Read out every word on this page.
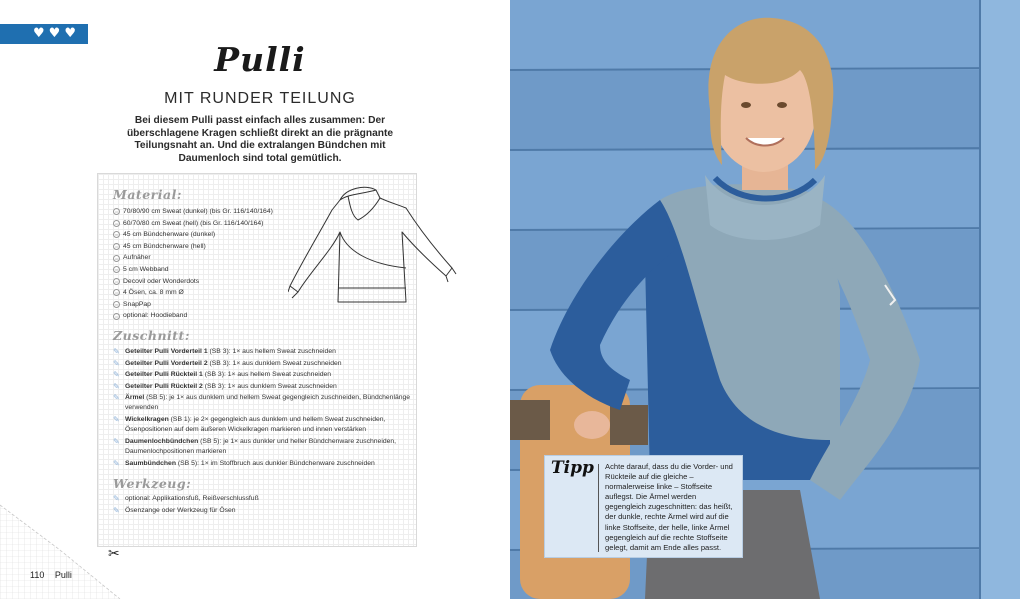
♥ ♥ ♥
Pulli
MIT RUNDER TEILUNG

Bei diesem Pulli passt einfach alles zusammen: Der überschlagene Kragen schließt direkt an die prägnante Teilungsnaht an. Und die extralangen Bündchen mit Daumenloch sind total gemütlich.

Material:
o 70/80/90 cm Sweat (dunkel) (bis Gr. 116/140/164)
o 60/70/80 cm Sweat (hell) (bis Gr. 116/140/164)
o 45 cm Bündchenware (dunkel)
o 45 cm Bündchenware (hell)
o Aufnäher
o 5 cm Webband
o Decovil oder Wonderdots
o 4 Ösen, ca. 8 mm Ø
o SnapPap
o optional: Hoodieband
Zuschnitt:
✎ Geteilter Pulli Vorderteil 1 (SB 3): 1× aus hellem Sweat zuschneiden
✎ Geteilter Pulli Vorderteil 2 (SB 3): 1× aus dunklem Sweat zuschneiden
✎ Geteilter Pulli Rückteil 1 (SB 3): 1× aus hellem Sweat zuschneiden
✎ Geteilter Pulli Rückteil 2 (SB 3): 1× aus dunklem Sweat zuschneiden
✎ Ärmel (SB 5): je 1× aus dunklem und hellem Sweat gegengleich zuschneiden, Bündchenlänge verwenden
✎ Wickelkragen (SB 1): je 2× gegengleich aus dunklem und hellem Sweat zuschneiden, Ösenpositionen auf dem äußeren Wickelkragen markieren und innen verstärken
✎ Daumenlochbündchen (SB 5): je 1× aus dunkler und heller Bündchenware zuschneiden, Daumenlochpositionen markieren
✎ Saumbündchen (SB 5): 1× im Stoffbruch aus dunkler Bündchenware zuschneiden
Werkzeug:
✎ optional: Applikationsfuß, Reißverschlussfuß
✎ Ösenzange oder Werkzeug für Ösen
✂
110 Pulli
Tipp Achte darauf, dass du die Vorder- und Rückteile auf die gleiche – normalerweise linke – Stoffseite auflegst. Die Ärmel werden gegengleich zugeschnitten: das heißt, der dunkle, rechte Ärmel wird auf die linke Stoffseite, der helle, linke Ärmel gegengleich auf die rechte Stoffseite gelegt, damit am Ende alles passt.
